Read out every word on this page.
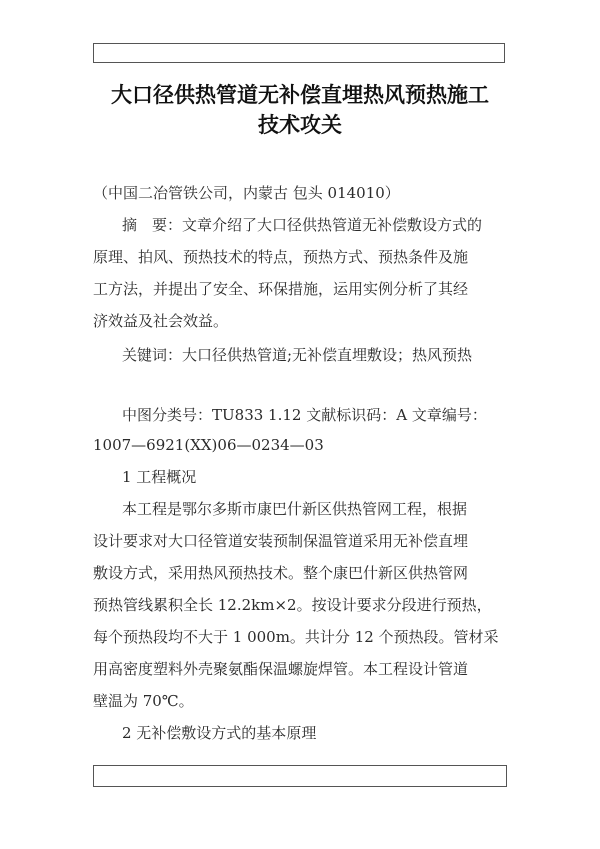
大口径供热管道无补偿直埋热风预热施工
技术攻关
（中国二冶管铁公司，内蒙古 包头 014010）
摘　要：文章介绍了大口径供热管道无补偿敷设方式的
原理、拍风、预热技术的特点，预热方式、预热条件及施
工方法，并提出了安全、环保措施，运用实例分析了其经
济效益及社会效益。
关键词：大口径供热管道;无补偿直埋敷设；热风预热
中图分类号：TU833 1.12 文献标识码：A 文章编号：
1007—6921(XX)06—0234—03
1 工程概况
本工程是鄂尔多斯市康巴什新区供热管网工程，根据
设计要求对大口径管道安装预制保温管道采用无补偿直埋
敷设方式，采用热风预热技术。整个康巴什新区供热管网
预热管线累积全长 12.2km×2。按设计要求分段进行预热，
每个预热段均不大于 1 000m。共计分 12 个预热段。管材采
用高密度塑料外壳聚氨酯保温螺旋焊管。本工程设计管道
壁温为 70℃。
2 无补偿敷设方式的基本原理
